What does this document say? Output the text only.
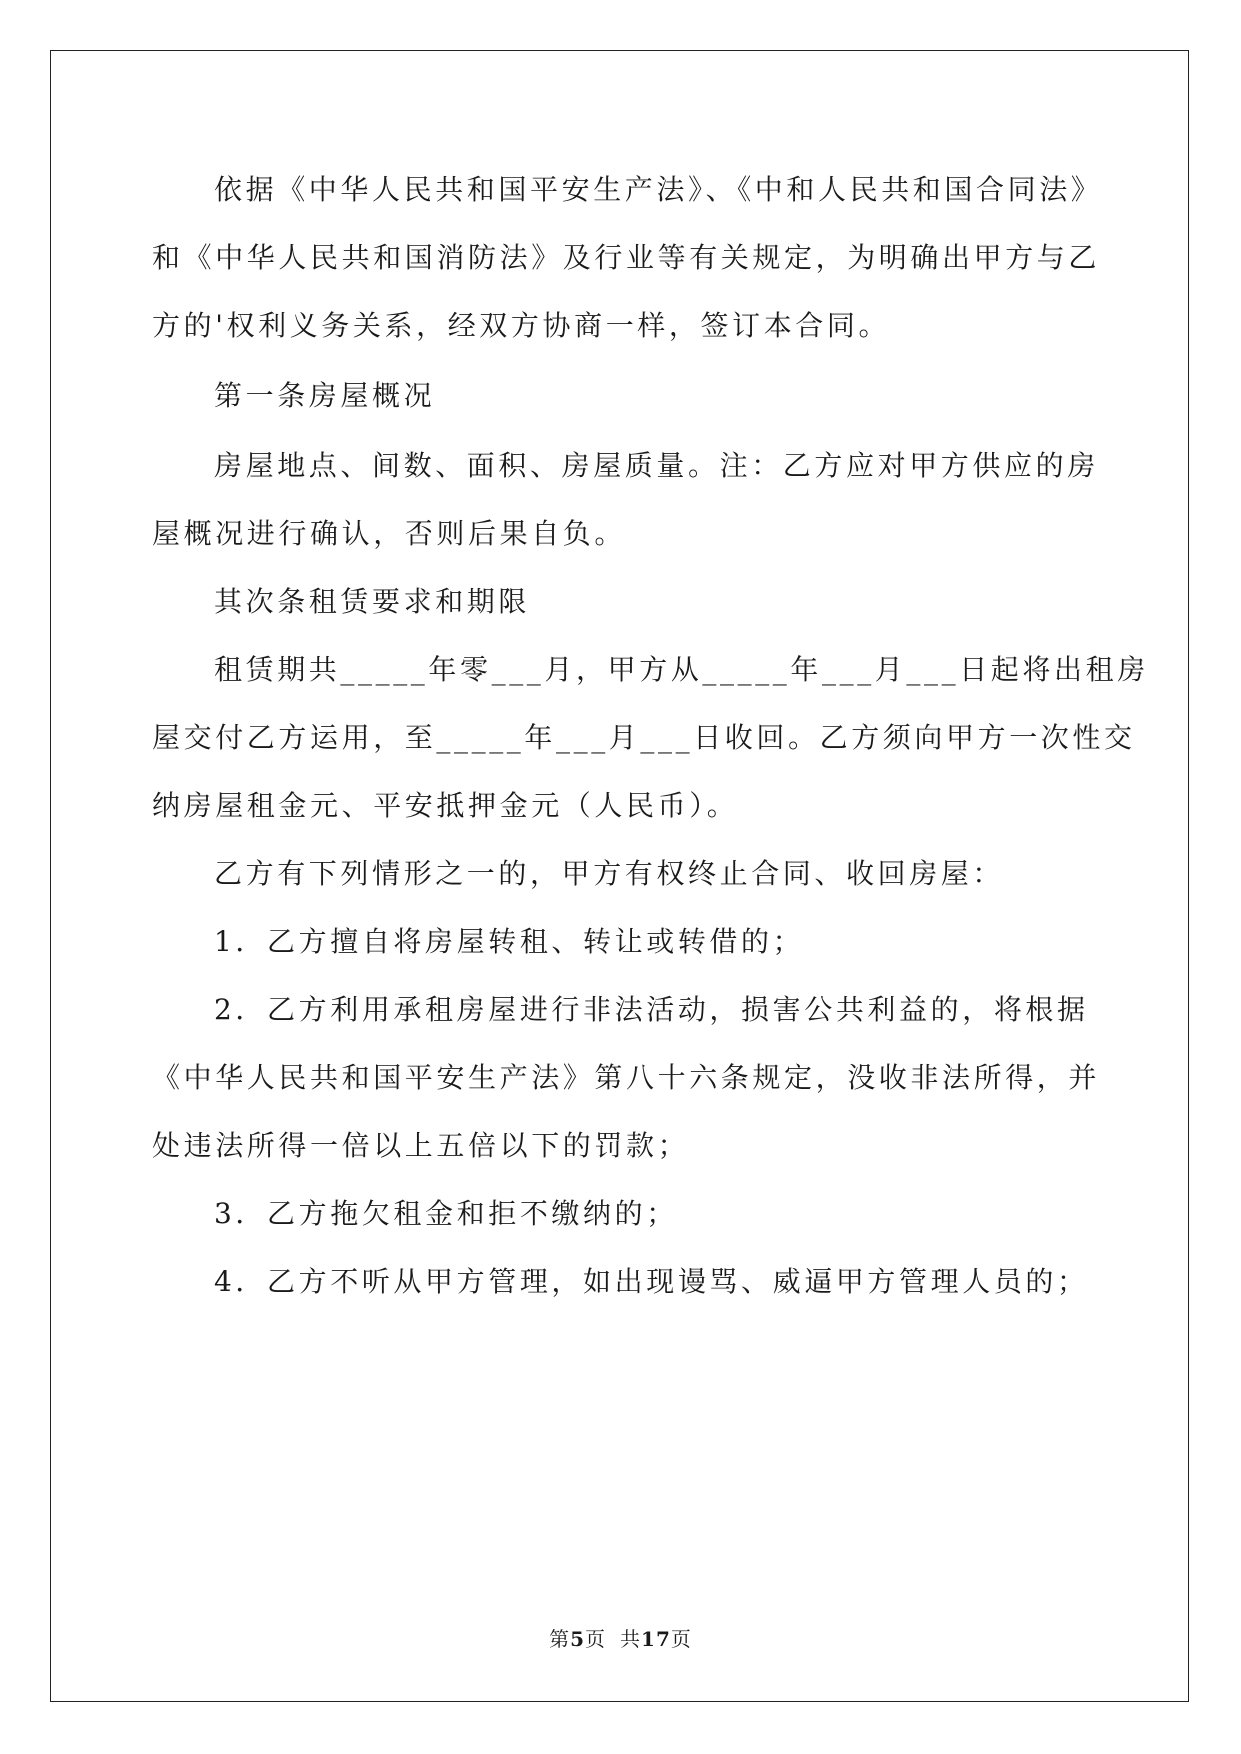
依据《中华人民共和国平安生产法》、《中和人民共和国合同法》

和《中华人民共和国消防法》及行业等有关规定，为明确出甲方与乙

方的'权利义务关系，经双方协商一样，签订本合同。

第一条房屋概况

房屋地点、间数、面积、房屋质量。注：乙方应对甲方供应的房

屋概况进行确认，否则后果自负。

其次条租赁要求和期限

租赁期共_____年零___月，甲方从_____年___月___日起将出租房

屋交付乙方运用，至_____年___月___日收回。乙方须向甲方一次性交

纳房屋租金元、平安抵押金元（人民币）。

乙方有下列情形之一的，甲方有权终止合同、收回房屋：

1．乙方擅自将房屋转租、转让或转借的；

2．乙方利用承租房屋进行非法活动，损害公共利益的，将根据

《中华人民共和国平安生产法》第八十六条规定，没收非法所得，并

处违法所得一倍以上五倍以下的罚款；

3．乙方拖欠租金和拒不缴纳的；

4．乙方不听从甲方管理，如出现谩骂、威逼甲方管理人员的；

第5页 共17页
